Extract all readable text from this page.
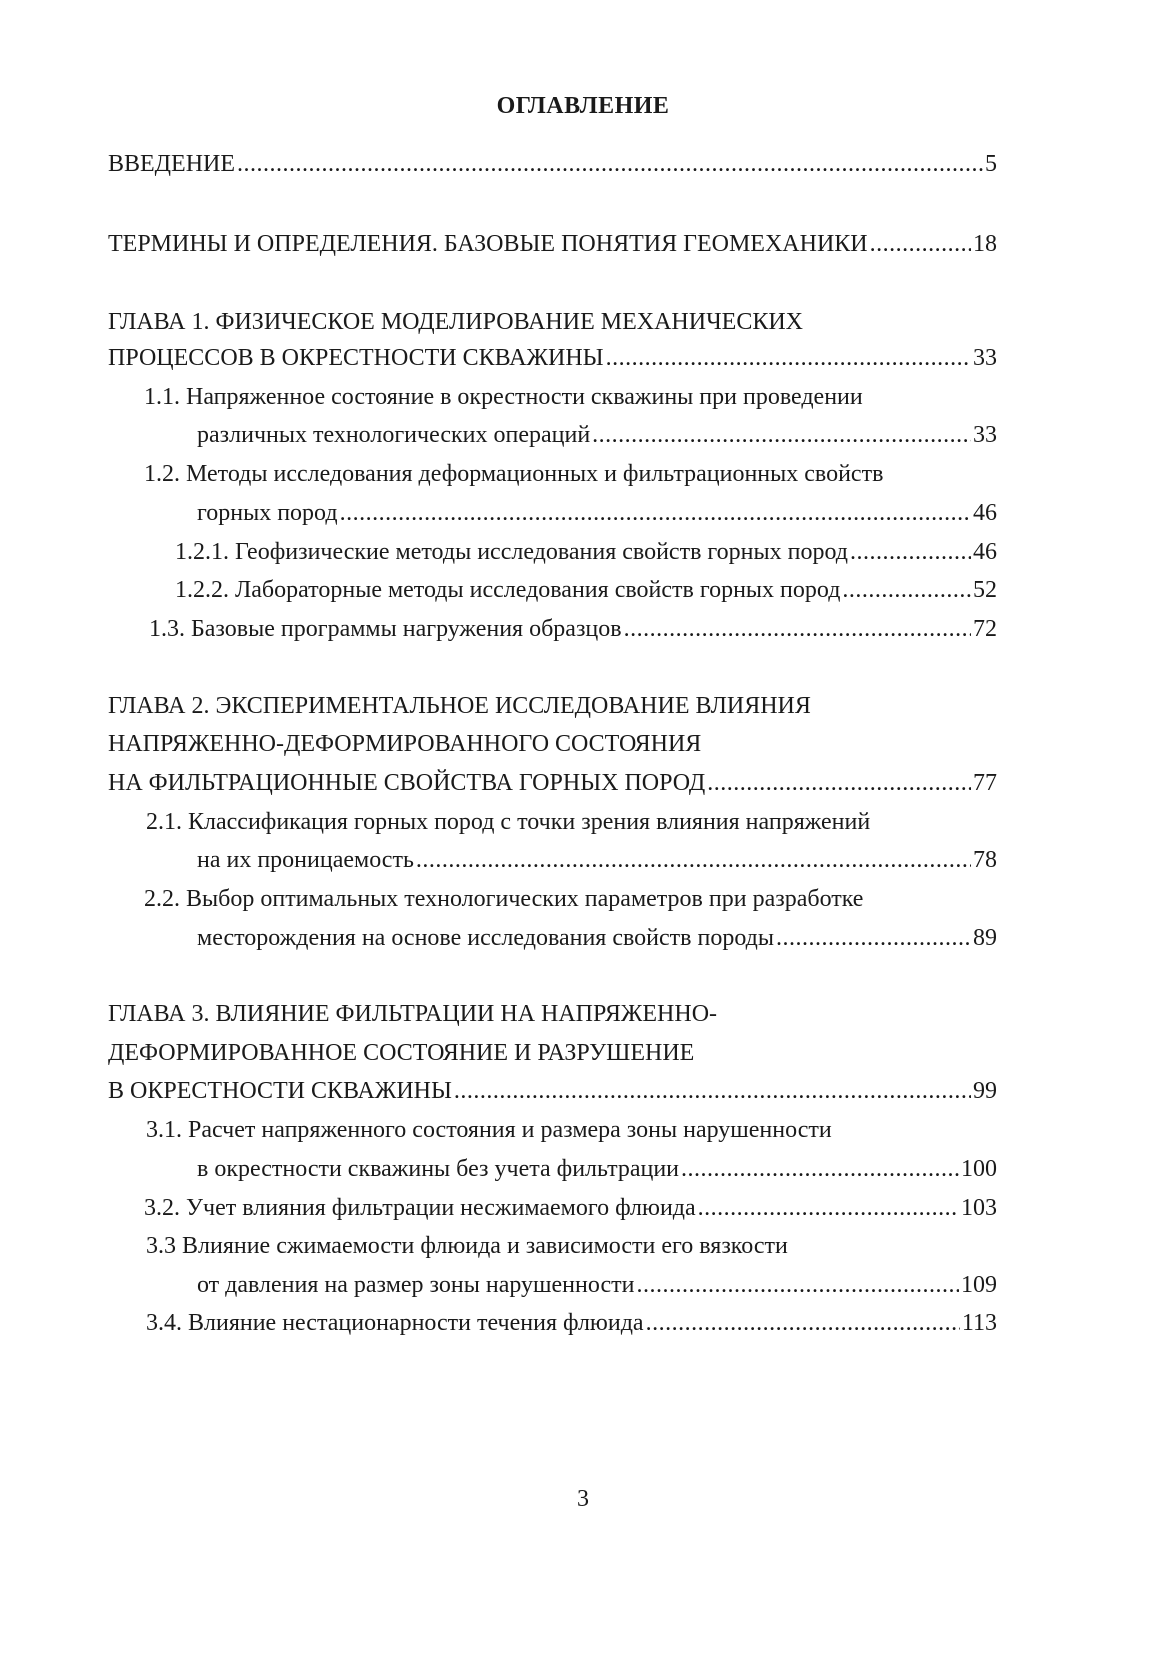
ОГЛАВЛЕНИЕ
ВВЕДЕНИЕ .....	5
ТЕРМИНЫ И ОПРЕДЕЛЕНИЯ. БАЗОВЫЕ ПОНЯТИЯ ГЕОМЕХАНИКИ .....	18
ГЛАВА 1. ФИЗИЧЕСКОЕ МОДЕЛИРОВАНИЕ МЕХАНИЧЕСКИХ
ПРОЦЕССОВ В ОКРЕСТНОСТИ СКВАЖИНЫ .....	33
1.1. Напряженное состояние в окрестности скважины при проведении
различных технологических операций .....	33
1.2. Методы исследования деформационных и фильтрационных свойств
горных пород .....	46
1.2.1. Геофизические методы исследования свойств горных пород .....	46
1.2.2. Лабораторные методы исследования свойств горных пород .....	52
1.3. Базовые программы нагружения образцов .....	72
ГЛАВА 2. ЭКСПЕРИМЕНТАЛЬНОЕ ИССЛЕДОВАНИЕ ВЛИЯНИЯ
НАПРЯЖЕННО-ДЕФОРМИРОВАННОГО СОСТОЯНИЯ
НА ФИЛЬТРАЦИОННЫЕ СВОЙСТВА ГОРНЫХ ПОРОД .....	77
2.1. Классификация горных пород с точки зрения влияния напряжений
на их проницаемость .....	78
2.2. Выбор оптимальных технологических параметров при разработке
месторождения на основе исследования свойств породы .....	89
ГЛАВА 3. ВЛИЯНИЕ ФИЛЬТРАЦИИ НА НАПРЯЖЕННО-
ДЕФОРМИРОВАННОЕ СОСТОЯНИЕ И РАЗРУШЕНИЕ
В ОКРЕСТНОСТИ СКВАЖИНЫ .....	99
3.1. Расчет напряженного состояния и размера зоны нарушенности
в окрестности скважины без учета фильтрации .....	100
3.2. Учет влияния фильтрации несжимаемого флюида .....	103
3.3 Влияние сжимаемости флюида и зависимости его вязкости
от давления на размер зоны нарушенности .....	109
3.4. Влияние нестационарности течения флюида .....	113
3
